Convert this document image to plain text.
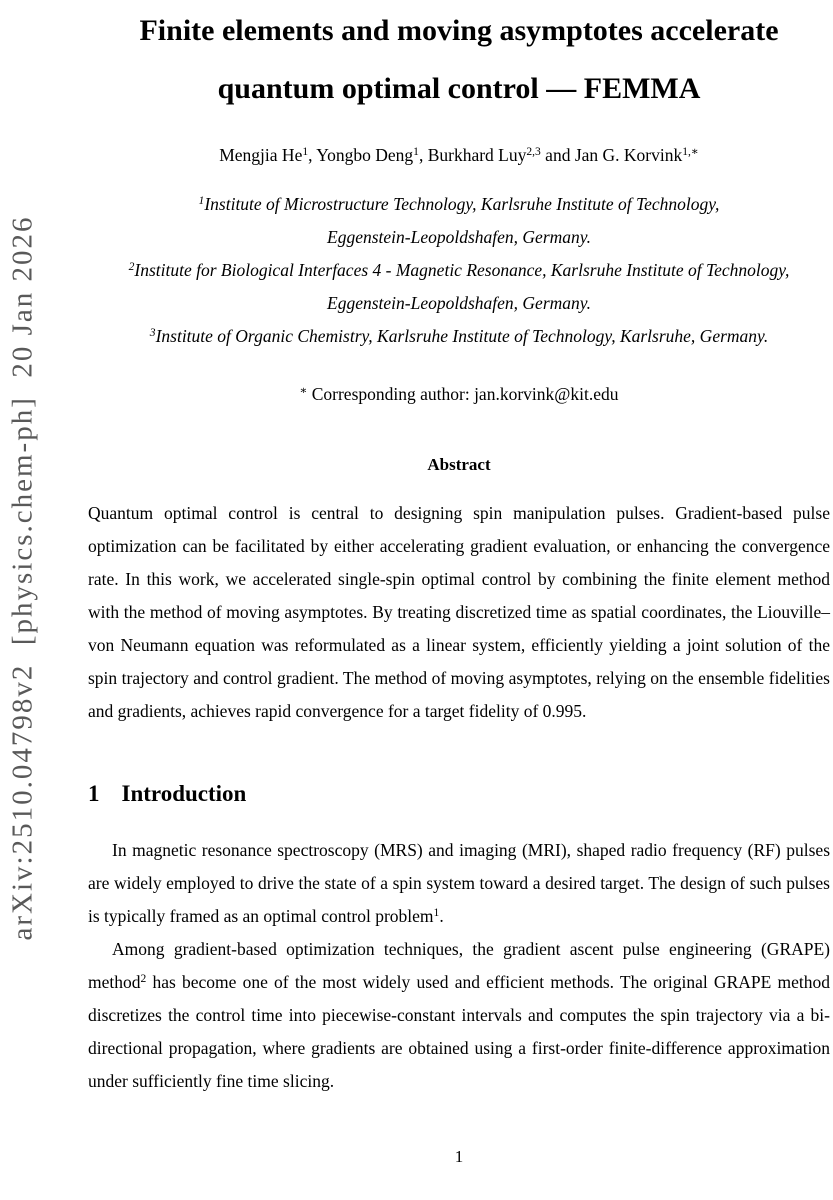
arXiv:2510.04798v2  [physics.chem-ph]  20 Jan 2026
Finite elements and moving asymptotes accelerate
quantum optimal control — FEMMA
Mengjia He$^1$, Yongbo Deng$^1$, Burkhard Luy$^{2,3}$ and Jan G. Korvink$^{1,∗}$
$^1$Institute of Microstructure Technology, Karlsruhe Institute of Technology,
Eggenstein-Leopoldshafen, Germany.
$^2$Institute for Biological Interfaces 4 - Magnetic Resonance, Karlsruhe Institute of Technology,
Eggenstein-Leopoldshafen, Germany.
$^3$Institute of Organic Chemistry, Karlsruhe Institute of Technology, Karlsruhe, Germany.
∗ Corresponding author: jan.korvink@kit.edu
Abstract
Quantum optimal control is central to designing spin manipulation pulses. Gradient-based pulse optimization can be facilitated by either accelerating gradient evaluation, or enhancing the convergence rate. In this work, we accelerated single-spin optimal control by combining the finite element method with the method of moving asymptotes. By treating discretized time as spatial coordinates, the Liouville–von Neumann equation was reformulated as a linear system, efficiently yielding a joint solution of the spin trajectory and control gradient. The method of moving asymptotes, relying on the ensemble fidelities and gradients, achieves rapid convergence for a target fidelity of 0.995.
1 Introduction

In magnetic resonance spectroscopy (MRS) and imaging (MRI), shaped radio frequency (RF) pulses are widely employed to drive the state of a spin system toward a desired target. The design of such pulses is typically framed as an optimal control problem$^1$.

Among gradient-based optimization techniques, the gradient ascent pulse engineering (GRAPE) method$^2$ has become one of the most widely used and efficient methods. The original GRAPE method discretizes the control time into piecewise-constant intervals and computes the spin trajectory via a bi-directional propagation, where gradients are obtained using a first-order finite-difference approximation under sufficiently fine time slicing.

1
